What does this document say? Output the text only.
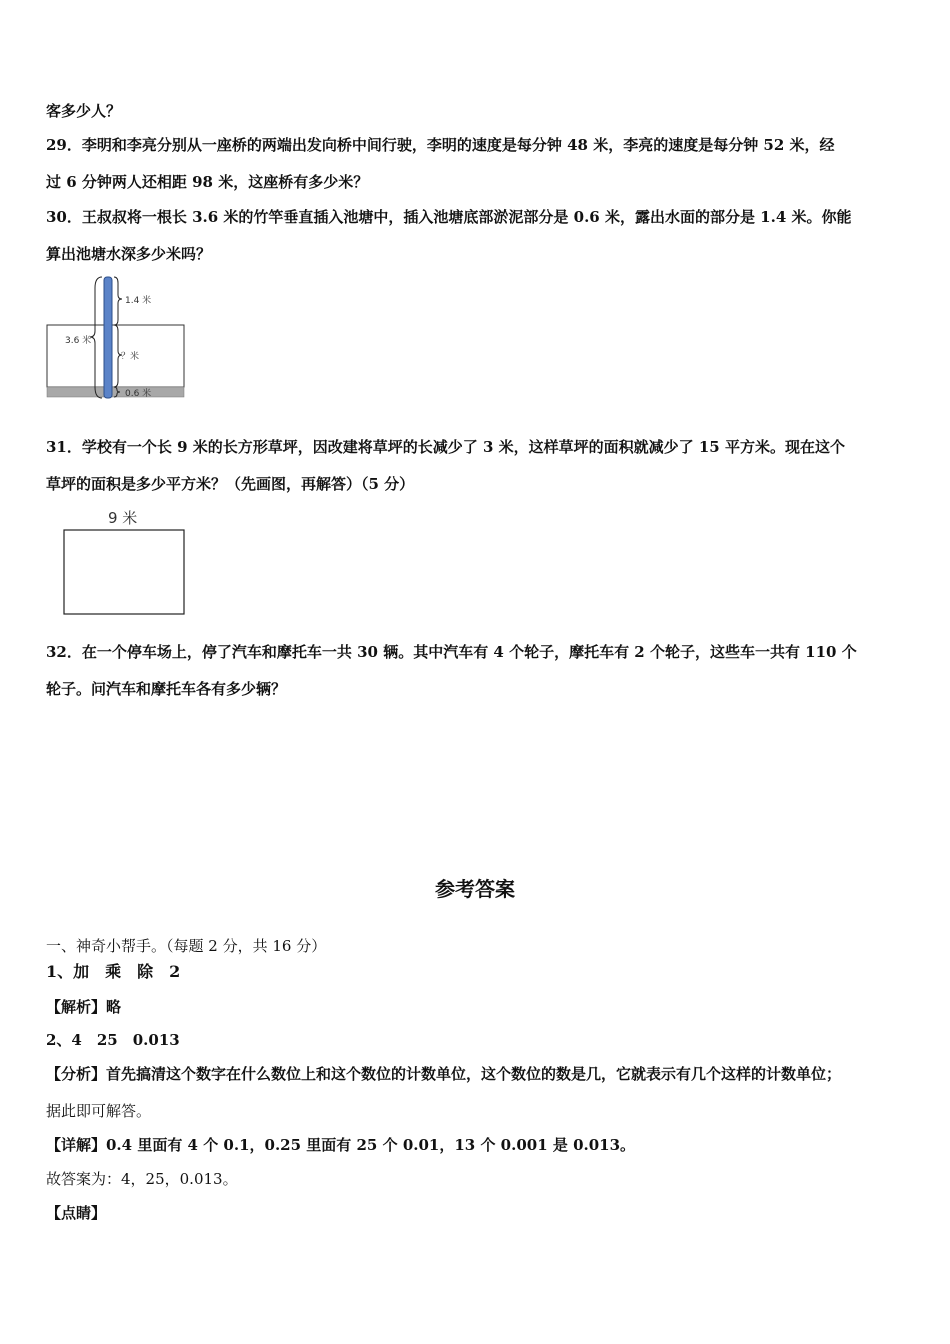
客多少人？
29．李明和李亮分别从一座桥的两端出发向桥中间行驶，李明的速度是每分钟 48 米，李亮的速度是每分钟 52 米，经
过 6 分钟两人还相距 98 米，这座桥有多少米？
30．王叔叔将一根长 3.6 米的竹竿垂直插入池塘中，插入池塘底部淤泥部分是 0.6 米，露出水面的部分是 1.4 米。你能
算出池塘水深多少米吗？
1.4 米
3.6 米
？米
0.6 米
31．学校有一个长 9 米的长方形草坪，因改建将草坪的长减少了 3 米，这样草坪的面积就减少了 15 平方米。现在这个
草坪的面积是多少平方米？（先画图，再解答）（5 分）
9 米
32．在一个停车场上，停了汽车和摩托车一共 30 辆。其中汽车有 4 个轮子，摩托车有 2 个轮子，这些车一共有 110 个
轮子。问汽车和摩托车各有多少辆？
参考答案
一、神奇小帮手。（每题 2 分，共 16 分）
1、加　乘　除　2
【解析】略
2、4　25　0.013
【分析】首先搞清这个数字在什么数位上和这个数位的计数单位，这个数位的数是几，它就表示有几个这样的计数单位；
据此即可解答。
【详解】0.4 里面有 4 个 0.1，0.25 里面有 25 个 0.01，13 个 0.001 是 0.013。
故答案为：4，25，0.013。
【点睛】
